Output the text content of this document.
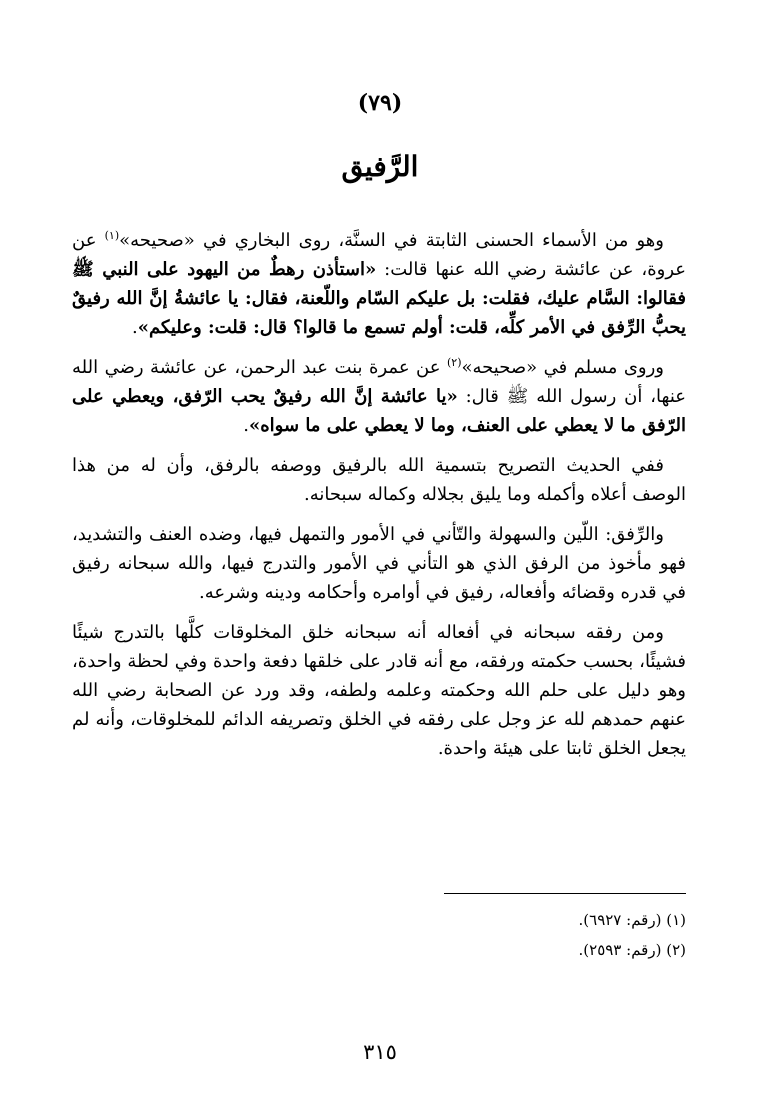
(٧٩)
الرَّفيق

وهو من الأسماء الحسنى الثابتة في السنَّة، روى البخاري في «صحيحه»$^{(١)}$ عن عروة، عن عائشة رضي الله عنها قالت: «استأذن رهطٌ من اليهود على النبي ﷺ فقالوا: السَّام عليك، فقلت: بل عليكم السّام واللّعنة، فقال: يا عائشةُ إنَّ الله رفيقٌ يحبُّ الرِّفق في الأمر كلِّه، قلت: أولم تسمع ما قالوا؟ قال: قلت: وعليكم».

وروى مسلم في «صحيحه»$^{(٢)}$ عن عمرة بنت عبد الرحمن، عن عائشة رضي الله عنها، أن رسول الله ﷺ قال: «يا عائشة إنَّ الله رفيقٌ يحب الرّفق، ويعطي على الرّفق ما لا يعطي على العنف، وما لا يعطي على ما سواه».

ففي الحديث التصريح بتسمية الله بالرفيق ووصفه بالرفق، وأن له من هذا الوصف أعلاه وأكمله وما يليق بجلاله وكماله سبحانه.

والرِّفق: اللّين والسهولة والتّأني في الأمور والتمهل فيها، وضده العنف والتشديد، فهو مأخوذ من الرفق الذي هو التأني في الأمور والتدرج فيها، والله سبحانه رفيق في قدره وقضائه وأفعاله، رفيق في أوامره وأحكامه ودينه وشرعه.

ومن رفقه سبحانه في أفعاله أنه سبحانه خلق المخلوقات كلَّها بالتدرج شيئًا فشيئًا، بحسب حكمته ورفقه، مع أنه قادر على خلقها دفعة واحدة وفي لحظة واحدة، وهو دليل على حلم الله وحكمته وعلمه ولطفه، وقد ورد عن الصحابة رضي الله عنهم حمدهم لله عز وجل على رفقه في الخلق وتصريفه الدائم للمخلوقات، وأنه لم يجعل الخلق ثابتا على هيئة واحدة.

(١) (رقم: ٦٩٢٧).
(٢) (رقم: ٢٥٩٣).
٣١٥
